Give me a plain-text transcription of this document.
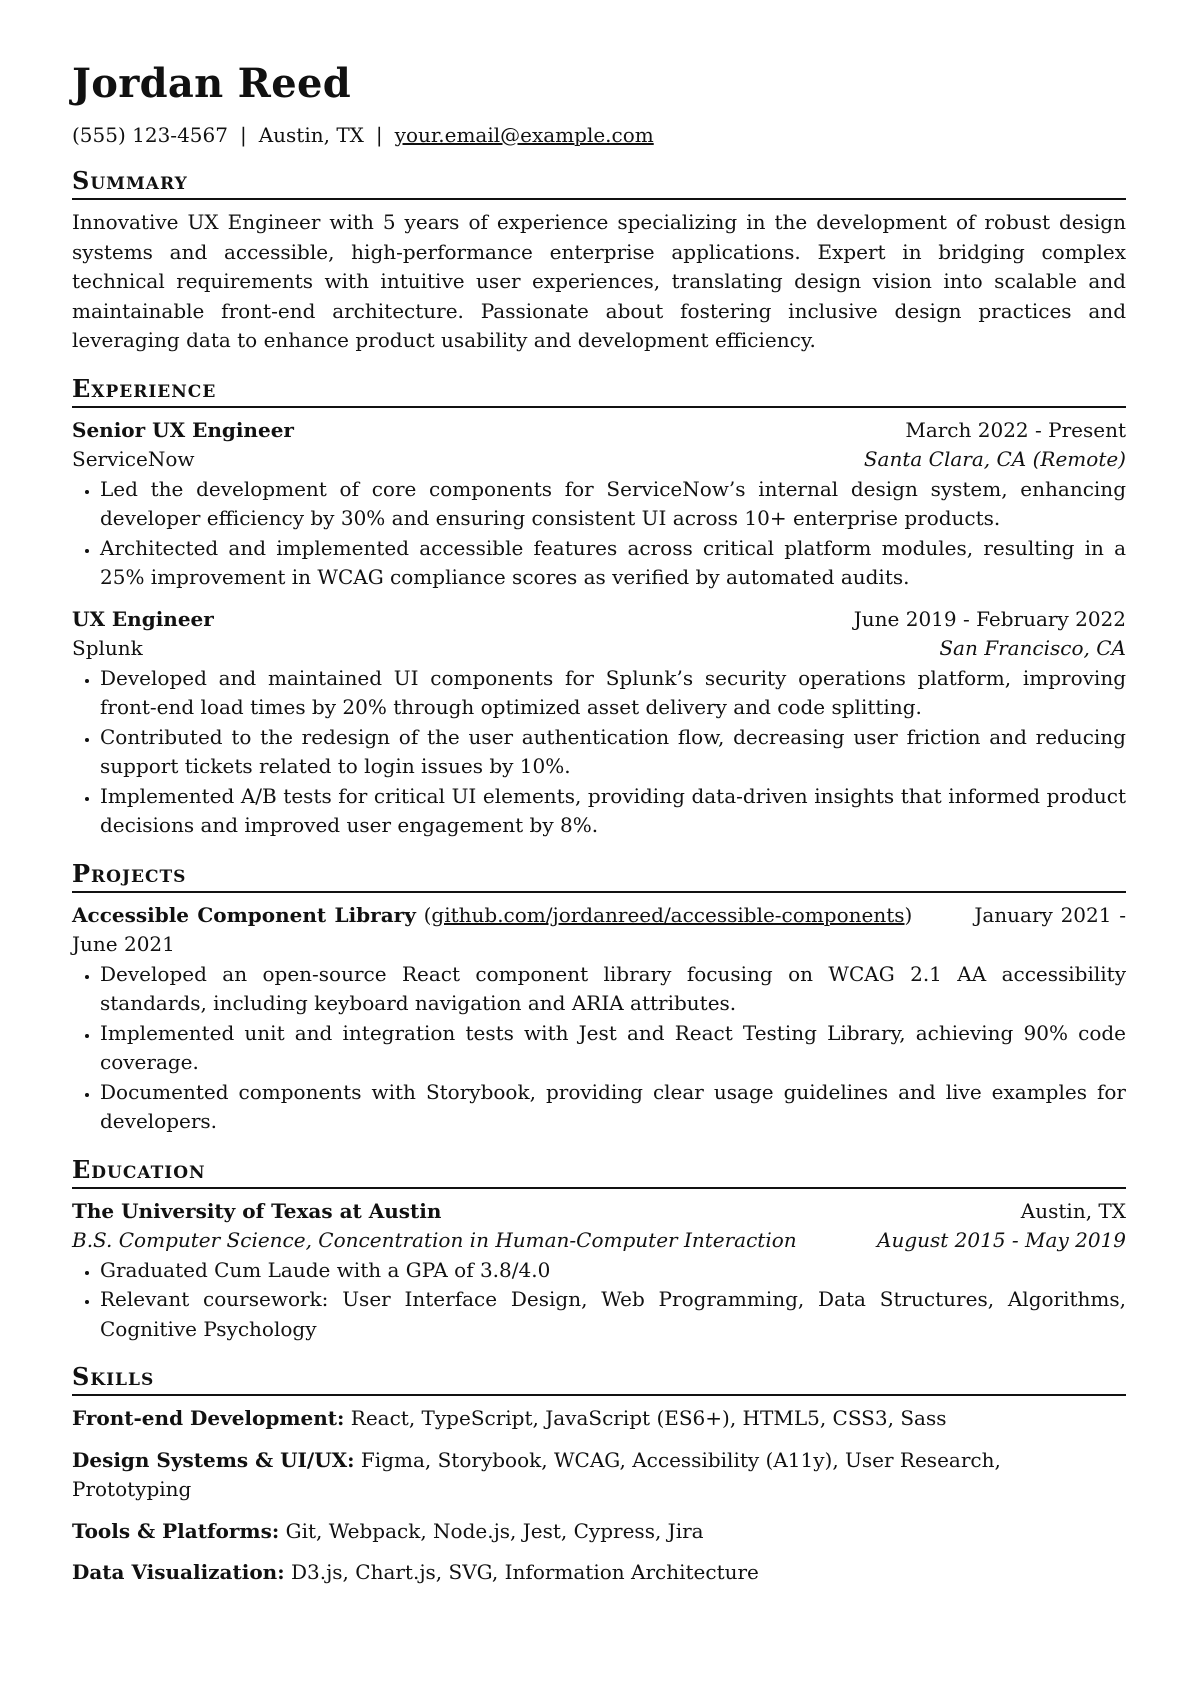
Jordan Reed
(555) 123-4567 | Austin, TX | your.email@example.com
Summary
Innovative UX Engineer with 5 years of experience specializing in the development of robust design systems and accessible, high-performance enterprise applications. Expert in bridging complex technical requirements with intuitive user experiences, translating design vision into scalable and maintainable front-end architecture. Passionate about fostering inclusive design practices and leveraging data to enhance product usability and development efficiency.
Experience
Senior UX Engineer	March 2022 - Present
ServiceNow	Santa Clara, CA (Remote)
• Led the development of core components for ServiceNow’s internal design system, enhancing developer efficiency by 30% and ensuring consistent UI across 10+ enterprise products.
• Architected and implemented accessible features across critical platform modules, resulting in a 25% improvement in WCAG compliance scores as verified by automated audits.
UX Engineer	June 2019 - February 2022
Splunk	San Francisco, CA
• Developed and maintained UI components for Splunk’s security operations platform, improving front-end load times by 20% through optimized asset delivery and code splitting.
• Contributed to the redesign of the user authentication flow, decreasing user friction and reducing support tickets related to login issues by 10%.
• Implemented A/B tests for critical UI elements, providing data-driven insights that informed product decisions and improved user engagement by 8%.
Projects
Accessible Component Library (github.com/jordanreed/accessible-components)        January 2021 - June 2021
• Developed an open-source React component library focusing on WCAG 2.1 AA accessibility standards, including keyboard navigation and ARIA attributes.
• Implemented unit and integration tests with Jest and React Testing Library, achieving 90% code coverage.
• Documented components with Storybook, providing clear usage guidelines and live examples for developers.
Education
The University of Texas at Austin	Austin, TX
B.S. Computer Science, Concentration in Human-Computer Interaction	August 2015 - May 2019
• Graduated Cum Laude with a GPA of 3.8/4.0
• Relevant coursework: User Interface Design, Web Programming, Data Structures, Algorithms, Cognitive Psychology
Skills
Front-end Development: React, TypeScript, JavaScript (ES6+), HTML5, CSS3, Sass
Design Systems & UI/UX: Figma, Storybook, WCAG, Accessibility (A11y), User Research, Prototyping
Tools & Platforms: Git, Webpack, Node.js, Jest, Cypress, Jira
Data Visualization: D3.js, Chart.js, SVG, Information Architecture
